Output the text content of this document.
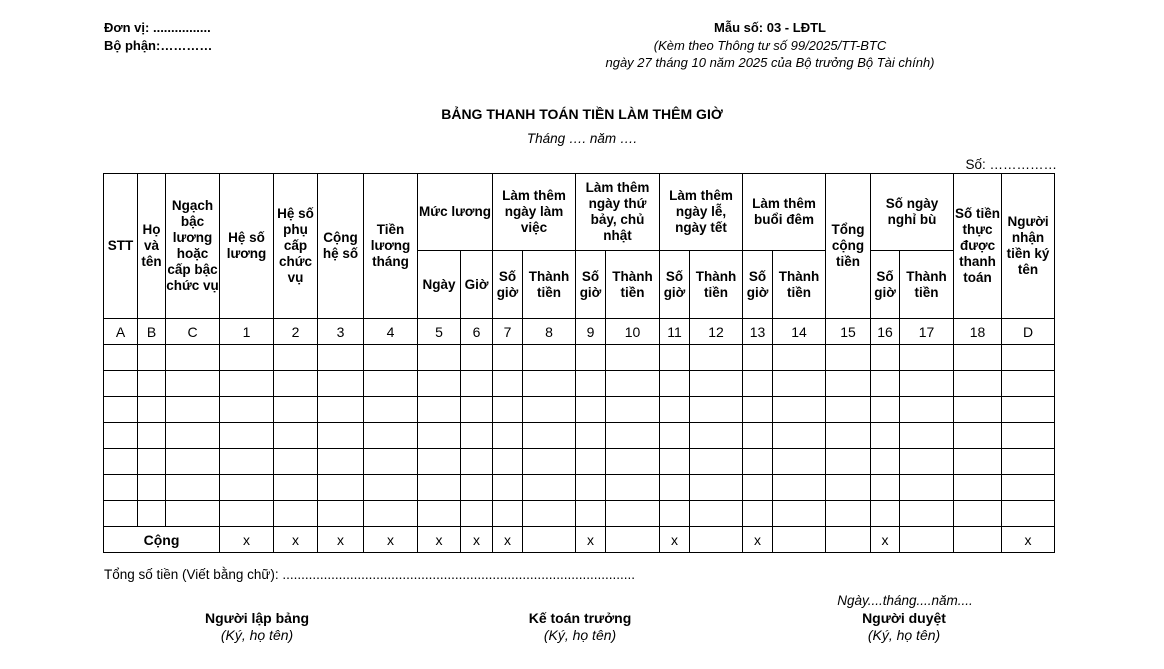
Đơn vị: ................
Bộ phận:…………
Mẫu số: 03 - LĐTL
(Kèm theo Thông tư số 99/2025/TT-BTC
ngày 27 tháng 10 năm 2025 của Bộ trưởng Bộ Tài chính)
BẢNG THANH TOÁN TIỀN LÀM THÊM GIỜ
Tháng …. năm ….
Số: ……………
STT	Họ và tên	Ngạch bậc lương hoặc cấp bậc chức vụ	Hệ số lương	Hệ số phụ cấp chức vụ	Cộng hệ số	Tiền lương tháng	Mức lương		Làm thêm ngày làm việc		Làm thêm ngày thứ bảy, chủ nhật		Làm thêm ngày lễ, ngày tết		Làm thêm buổi đêm		Tổng cộng tiền	Số ngày nghỉ bù		Số tiền thực được thanh toán	Người nhận tiền ký tên
							Ngày	Giờ	Số giờ	Thành tiền	Số giờ	Thành tiền	Số giờ	Thành tiền	Số giờ	Thành tiền		Số giờ	Thành tiền		
A	B	C	1	2	3	4	5	6	7	8	9	10	11	12	13	14	15	16	17	18	D

Cộng			x	x	x	x	x	x	x		x		x		x			x			x
Tổng số tiền (Viết bằng chữ): ..............................................................................................
Ngày....tháng....năm....
Người lập bảng
(Ký, họ tên)
Kế toán trưởng
(Ký, họ tên)
Người duyệt
(Ký, họ tên)
